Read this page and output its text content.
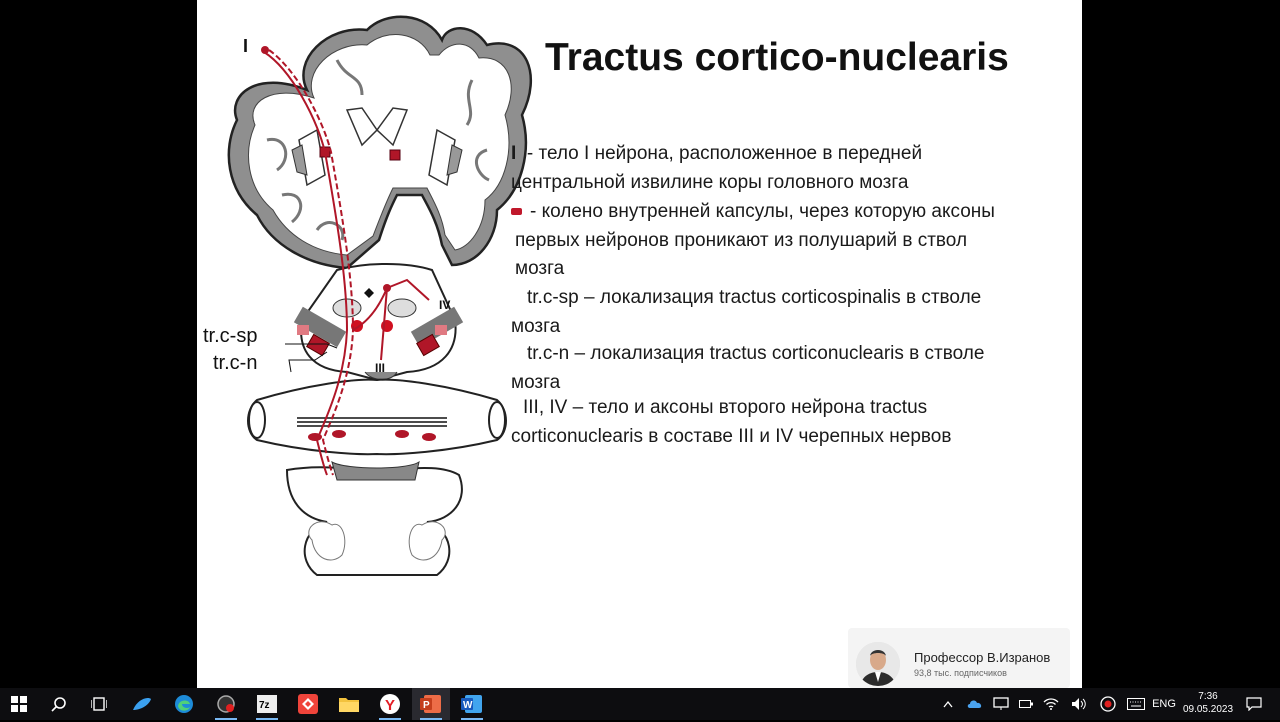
I
IV
III
tr.c-sp
tr.c-n
Tractus cortico-nuclearis
I - тело I нейрона, расположенное в передней
центральной извилине коры головного мозга
- колено внутренней капсулы, через которую аксоны
первых нейронов проникают из полушарий в ствол
мозга
tr.c-sp – локализация tractus corticospinalis в стволе
мозга
tr.c-n – локализация tractus corticonuclearis в стволе
мозга
III, IV – тело и аксоны второго нейрона tractus
corticonuclearis в составе III и IV черепных нервов
Профессор В.Изранов
93,8 тыс. подписчиков
7z	Y	P	W	ENG
7:36
09.05.2023
